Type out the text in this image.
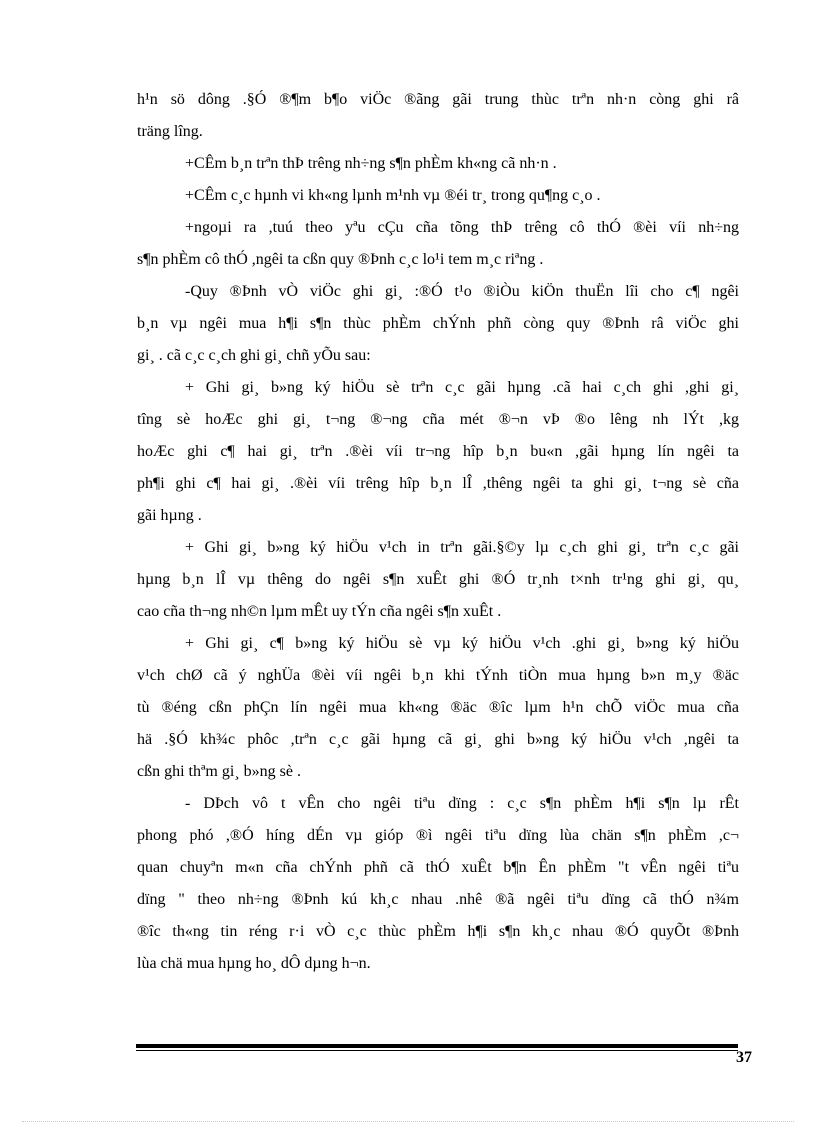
h¹n sö dông .§Ó ®¶m b¶o viÖc ®ãng gãi trung thùc trªn nh·n còng ghi râ
träng lîng.
+CÊm b¸n trªn thÞ trêng nh÷ng s¶n phÈm kh«ng cã nh·n .
+CÊm c¸c hµnh vi kh«ng lµnh m¹nh vµ ®éi tr¸ trong qu¶ng c¸o .
+ngoµi ra ,tuú theo yªu cÇu cña tõng thÞ trêng cô thÓ ®èi víi nh÷ng
s¶n phÈm cô thÓ ,ngêi ta cßn quy ®Þnh c¸c lo¹i tem m¸c riªng .
-Quy ®Þnh vÒ viÖc ghi gi¸ :®Ó t¹o ®iÒu kiÖn thuËn lîi cho c¶ ngêi
b¸n vµ ngêi mua h¶i s¶n thùc phÈm chÝnh phñ còng quy ®Þnh râ viÖc ghi
gi¸ . cã c¸c c¸ch ghi gi¸ chñ yÕu sau:
+ Ghi gi¸ b»ng ký hiÖu sè trªn c¸c gãi hµng .cã hai c¸ch ghi ,ghi gi¸
tîng sè hoÆc ghi gi¸ t¬ng ®¬ng cña mét ®¬n vÞ ®o lêng nh lÝt ,kg
hoÆc ghi c¶ hai gi¸ trªn .®èi víi tr¬ng hîp b¸n bu«n ,gãi hµng lín ngêi ta
ph¶i ghi c¶ hai gi¸ .®èi víi trêng hîp b¸n lÎ ,thêng ngêi ta ghi gi¸ t¬ng sè cña
gãi hµng .
+ Ghi gi¸ b»ng ký hiÖu v¹ch in trªn gãi.§©y lµ c¸ch ghi gi¸ trªn c¸c gãi
hµng b¸n lÎ vµ thêng do ngêi s¶n xuÊt ghi ®Ó tr¸nh t×nh tr¹ng ghi gi¸ qu¸
cao cña th¬ng nh©n lµm mÊt uy tÝn cña ngêi s¶n xuÊt .
+ Ghi gi¸ c¶ b»ng ký hiÖu sè vµ ký hiÖu v¹ch .ghi gi¸ b»ng ký hiÖu
v¹ch chØ cã ý nghÜa ®èi víi ngêi b¸n khi tÝnh tiÒn mua hµng b»n m¸y ®äc
tù ®éng cßn phÇn lín ngêi mua kh«ng ®äc ®îc lµm h¹n chÕ viÖc mua cña
hä .§Ó kh¾c phôc ,trªn c¸c gãi hµng cã gi¸ ghi b»ng ký hiÖu v¹ch ,ngêi ta
cßn ghi thªm gi¸ b»ng sè .
- DÞch vô t vÊn cho ngêi tiªu dïng : c¸c s¶n phÈm h¶i s¶n lµ rÊt
phong phó ,®Ó híng dÉn vµ gióp ®ì ngêi tiªu dïng lùa chän s¶n phÈm ,c¬
quan chuyªn m«n cña chÝnh phñ cã thÓ xuÊt b¶n Ên phÈm "t vÊn ngêi tiªu
dïng " theo nh÷ng ®Þnh kú kh¸c nhau .nhê ®ã ngêi tiªu dïng cã thÓ n¾m
®îc th«ng tin réng r·i vÒ c¸c thùc phÈm h¶i s¶n kh¸c nhau ®Ó quyÕt ®Þnh
lùa chä mua hµng ho¸ dÔ dµng h¬n.
37
